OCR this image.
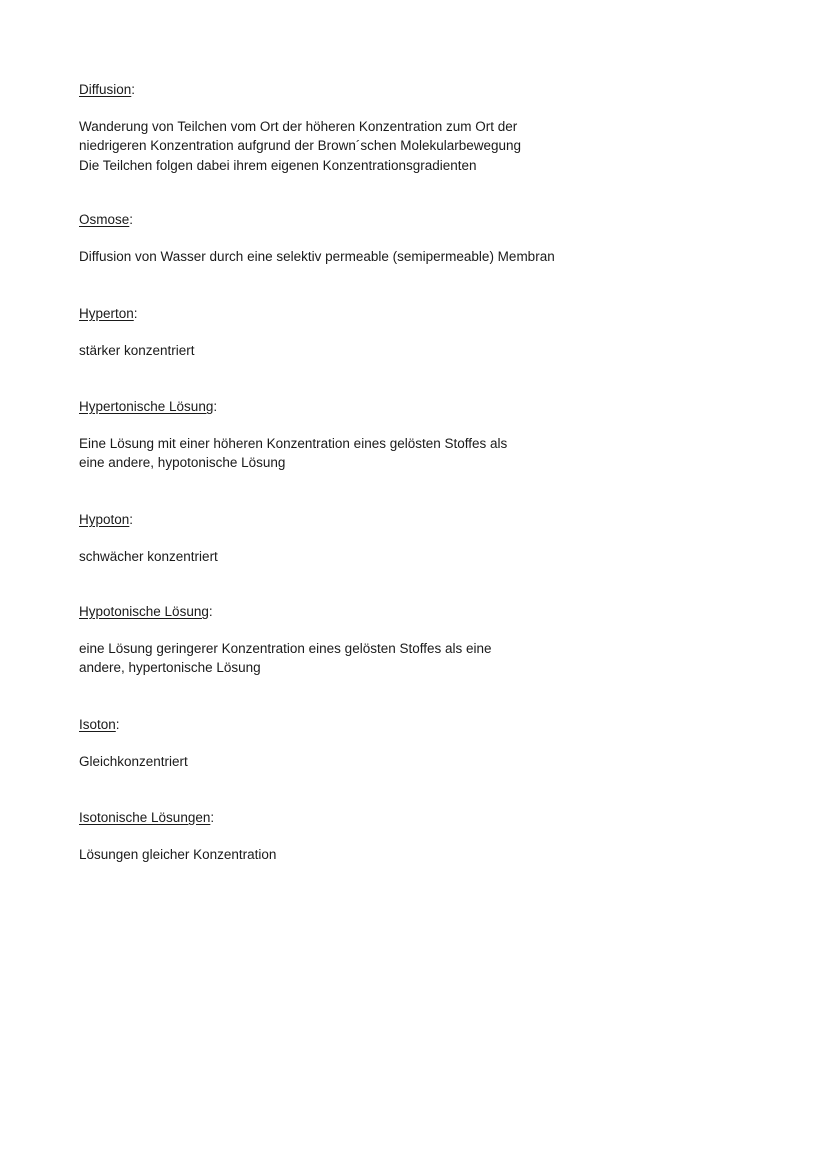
Diffusion:
Wanderung von Teilchen vom Ort der höheren Konzentration zum Ort der
niedrigeren Konzentration aufgrund der Brown´schen Molekularbewegung
Die Teilchen folgen dabei ihrem eigenen Konzentrationsgradienten
Osmose:
Diffusion von Wasser durch eine selektiv permeable (semipermeable) Membran
Hyperton:
stärker konzentriert
Hypertonische Lösung:
Eine Lösung mit einer höheren Konzentration eines gelösten Stoffes als
eine andere, hypotonische Lösung
Hypoton:
schwächer konzentriert
Hypotonische Lösung:
eine Lösung geringerer Konzentration eines gelösten Stoffes als eine
andere, hypertonische Lösung
Isoton:
Gleichkonzentriert
Isotonische Lösungen:
Lösungen gleicher Konzentration
